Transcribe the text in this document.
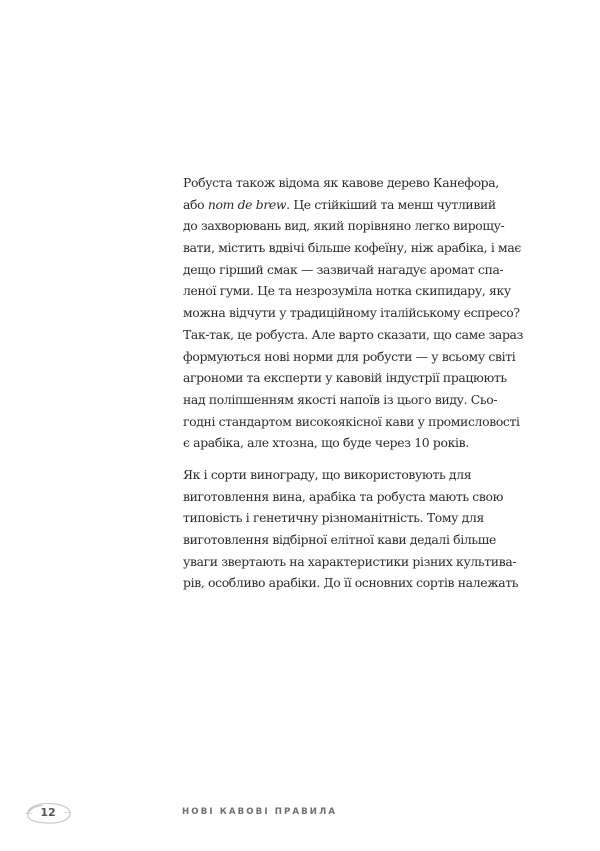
Робуста також відома як кавове дерево Канефора,
або nom de brew. Це стійкіший та менш чутливий
до захворювань вид, який порівняно легко вирощу-
вати, містить вдвічі більше кофеїну, ніж арабіка, і має
дещо гірший смак — зазвичай нагадує аромат спа-
леної гуми. Це та незрозуміла нотка скипидару, яку
можна відчути у традиційному італійському еспресо?
Так-так, це робуста. Але варто сказати, що саме зараз
формуються нові норми для робусти — у всьому світі
агрономи та експерти у кавовій індустрії працюють
над поліпшенням якості напоїв із цього виду. Сьо-
годні стандартом високоякісної кави у промисловості
є арабіка, але хтозна, що буде через 10 років.

Як і сорти винограду, що використовують для
виготовлення вина, арабіка та робуста мають свою
типовість і генетичну різноманітність. Тому для
виготовлення відбірної елітної кави дедалі більше
уваги звертають на характеристики різних культива-
рів, особливо арабіки. До її основних сортів належать

12	НОВІ КАВОВІ ПРАВИЛА
